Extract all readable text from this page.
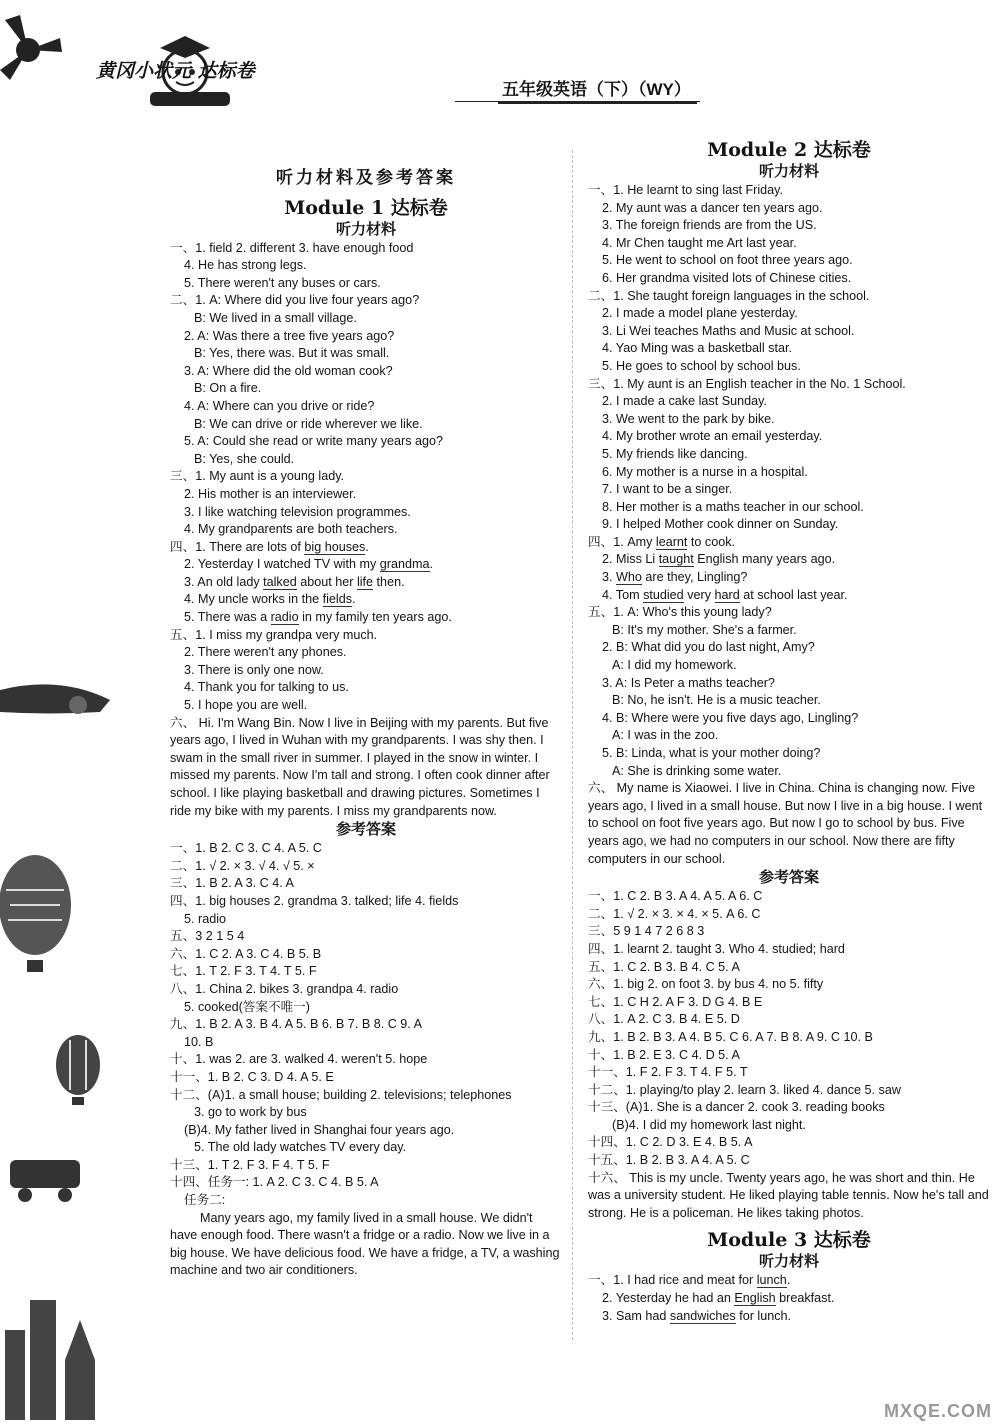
黄冈小状元 达标卷
五年级英语（下）（WY）
听力材料及参考答案
Module 1 达标卷
听力材料
一、1. field 2. different 3. have enough food
4. He has strong legs.
5. There weren't any buses or cars.
二、1. A: Where did you live four years ago?
B: We lived in a small village.
2. A: Was there a tree five years ago?
B: Yes, there was. But it was small.
3. A: Where did the old woman cook?
B: On a fire.
4. A: Where can you drive or ride?
B: We can drive or ride wherever we like.
5. A: Could she read or write many years ago?
B: Yes, she could.
三、1. My aunt is a young lady.
2. His mother is an interviewer.
3. I like watching television programmes.
4. My grandparents are both teachers.
四、1. There are lots of big houses.
2. Yesterday I watched TV with my grandma.
3. An old lady talked about her life then.
4. My uncle works in the fields.
5. There was a radio in my family ten years ago.
五、1. I miss my grandpa very much.
2. There weren't any phones.
3. There is only one now.
4. Thank you for talking to us.
5. I hope you are well.
六、 Hi. I'm Wang Bin. Now I live in Beijing with my parents. But five years ago, I lived in Wuhan with my grandparents. I was shy then. I swam in the small river in summer. I played in the snow in winter. I missed my parents. Now I'm tall and strong. I often cook dinner after school. I like playing basketball and drawing pictures. Sometimes I ride my bike with my parents. I miss my grandparents now.
参考答案
一、1. B 2. C 3. C 4. A 5. C
二、1. √ 2. × 3. √ 4. √ 5. ×
三、1. B 2. A 3. C 4. A
四、1. big houses 2. grandma 3. talked; life 4. fields
5. radio
五、3 2 1 5 4
六、1. C 2. A 3. C 4. B 5. B
七、1. T 2. F 3. T 4. T 5. F
八、1. China 2. bikes 3. grandpa 4. radio
5. cooked(答案不唯一)
九、1. B 2. A 3. B 4. A 5. B 6. B 7. B 8. C 9. A
10. B
十、1. was 2. are 3. walked 4. weren't 5. hope
十一、1. B 2. C 3. D 4. A 5. E
十二、(A)1. a small house; building 2. televisions; telephones
3. go to work by bus
(B)4. My father lived in Shanghai four years ago.
5. The old lady watches TV every day.
十三、1. T 2. F 3. F 4. T 5. F
十四、任务一: 1. A 2. C 3. C 4. B 5. A
任务二:
Many years ago, my family lived in a small house. We didn't have enough food. There wasn't a fridge or a radio. Now we live in a big house. We have delicious food. We have a fridge, a TV, a washing machine and two air conditioners.
Module 2 达标卷
听力材料
一、1. He learnt to sing last Friday.
2. My aunt was a dancer ten years ago.
3. The foreign friends are from the US.
4. Mr Chen taught me Art last year.
5. He went to school on foot three years ago.
6. Her grandma visited lots of Chinese cities.
二、1. She taught foreign languages in the school.
2. I made a model plane yesterday.
3. Li Wei teaches Maths and Music at school.
4. Yao Ming was a basketball star.
5. He goes to school by school bus.
三、1. My aunt is an English teacher in the No. 1 School.
2. I made a cake last Sunday.
3. We went to the park by bike.
4. My brother wrote an email yesterday.
5. My friends like dancing.
6. My mother is a nurse in a hospital.
7. I want to be a singer.
8. Her mother is a maths teacher in our school.
9. I helped Mother cook dinner on Sunday.
四、1. Amy learnt to cook.
2. Miss Li taught English many years ago.
3. Who are they, Lingling?
4. Tom studied very hard at school last year.
五、1. A: Who's this young lady?
B: It's my mother. She's a farmer.
2. B: What did you do last night, Amy?
A: I did my homework.
3. A: Is Peter a maths teacher?
B: No, he isn't. He is a music teacher.
4. B: Where were you five days ago, Lingling?
A: I was in the zoo.
5. B: Linda, what is your mother doing?
A: She is drinking some water.
六、 My name is Xiaowei. I live in China. China is changing now. Five years ago, I lived in a small house. But now I live in a big house. I went to school on foot five years ago. But now I go to school by bus. Five years ago, we had no computers in our school. Now there are fifty computers in our school.
参考答案
一、1. C 2. B 3. A 4. A 5. A 6. C
二、1. √ 2. × 3. × 4. × 5. A 6. C
三、5 9 1 4 7 2 6 8 3
四、1. learnt 2. taught 3. Who 4. studied; hard
五、1. C 2. B 3. B 4. C 5. A
六、1. big 2. on foot 3. by bus 4. no 5. fifty
七、1. C H 2. A F 3. D G 4. B E
八、1. A 2. C 3. B 4. E 5. D
九、1. B 2. B 3. A 4. B 5. C 6. A 7. B 8. A 9. C 10. B
十、1. B 2. E 3. C 4. D 5. A
十一、1. F 2. F 3. T 4. F 5. T
十二、1. playing/to play 2. learn 3. liked 4. dance 5. saw
十三、(A)1. She is a dancer 2. cook 3. reading books
(B)4. I did my homework last night.
十四、1. C 2. D 3. E 4. B 5. A
十五、1. B 2. B 3. A 4. A 5. C
十六、 This is my uncle. Twenty years ago, he was short and thin. He was a university student. He liked playing table tennis. Now he's tall and strong. He is a policeman. He likes taking photos.
Module 3 达标卷
听力材料
一、1. I had rice and meat for lunch.
2. Yesterday he had an English breakfast.
3. Sam had sandwiches for lunch.
MXQE.COM
